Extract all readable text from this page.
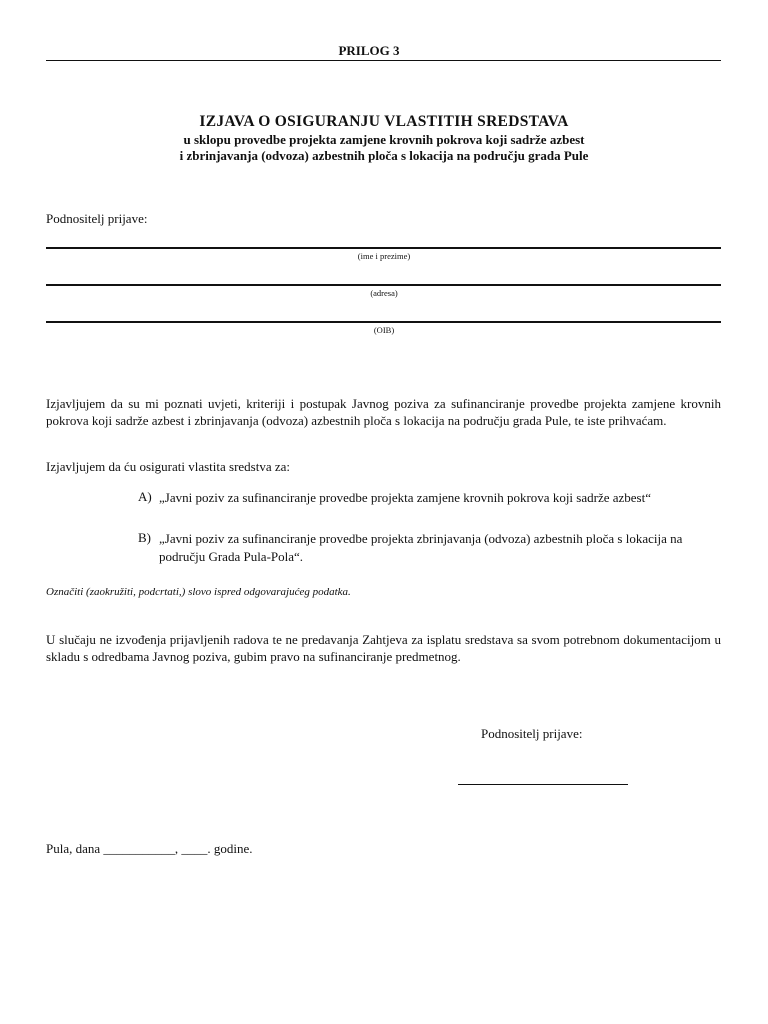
PRILOG 3
IZJAVA O OSIGURANJU VLASTITIH SREDSTAVA
u sklopu provedbe projekta zamjene krovnih pokrova koji sadrže azbest
i zbrinjavanja (odvoza) azbestnih ploča s lokacija na području grada Pule
Podnositelj prijave:
(ime i prezime)
(adresa)
(OIB)
Izjavljujem da su mi poznati uvjeti, kriteriji i postupak Javnog poziva za sufinanciranje provedbe projekta zamjene krovnih pokrova koji sadrže azbest i zbrinjavanja (odvoza) azbestnih ploča s lokacija na području grada Pule, te iste prihvaćam.
Izjavljujem da ću osigurati vlastita sredstva za:
A) „Javni poziv za sufinanciranje provedbe projekta zamjene krovnih pokrova koji sadrže azbest“
B) „Javni poziv za sufinanciranje provedbe projekta zbrinjavanja (odvoza) azbestnih ploča s lokacija na području Grada Pula-Pola“.
Označiti (zaokružiti, podcrtati,) slovo ispred odgovarajućeg podatka.
U slučaju ne izvođenja prijavljenih radova te ne predavanja Zahtjeva za isplatu sredstava sa svom potrebnom dokumentacijom u skladu s odredbama Javnog poziva, gubim pravo na sufinanciranje predmetnog.
Podnositelj prijave:
Pula, dana ___________, ____. godine.
